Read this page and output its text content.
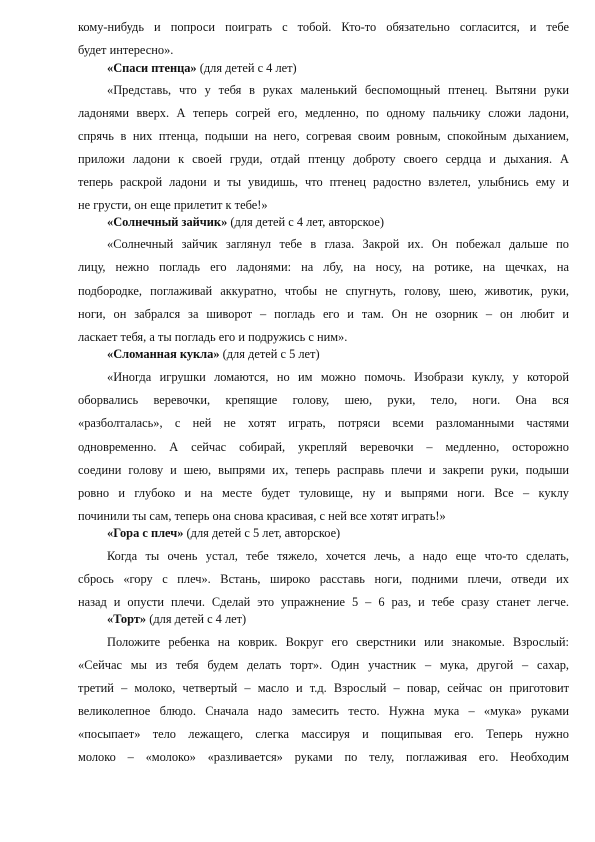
кому-нибудь и попроси поиграть с тобой. Кто-то обязательно согласится, и тебе
будет интересно».
«Спаси птенца» (для детей с 4 лет)
«Представь, что у тебя в руках маленький беспомощный птенец. Вытяни руки
ладонями вверх. А теперь согрей его, медленно, по одному пальчику сложи ладони,
спрячь в них птенца, подыши на него, согревая своим ровным, спокойным дыханием,
приложи ладони к своей груди, отдай птенцу доброту своего сердца и дыхания. А
теперь раскрой ладони и ты увидишь, что птенец радостно взлетел, улыбнись ему и
не грусти, он еще прилетит к тебе!»
«Солнечный зайчик» (для детей с 4 лет, авторское)
«Солнечный зайчик заглянул тебе в глаза. Закрой их. Он побежал дальше по
лицу, нежно погладь его ладонями: на лбу, на носу, на ротике, на щечках, на
подбородке, поглаживай аккуратно, чтобы не спугнуть, голову, шею, животик, руки,
ноги, он забрался за шиворот – погладь его и там. Он не озорник – он любит и
ласкает тебя, а ты погладь его и подружись с ним».
«Сломанная кукла» (для детей с 5 лет)
«Иногда игрушки ломаются, но им можно помочь. Изобрази куклу, у которой
оборвались веревочки, крепящие голову, шею, руки, тело, ноги. Она вся
«разболталась», с ней не хотят играть, потряси всеми разломанными частями
одновременно. А сейчас собирай, укрепляй веревочки – медленно, осторожно
соедини голову и шею, выпрями их, теперь расправь плечи и закрепи руки, подыши
ровно и глубоко и на месте будет туловище, ну и выпрями ноги. Все – куклу
починили ты сам, теперь она снова красивая, с ней все хотят играть!»
«Гора с плеч» (для детей с 5 лет, авторское)
Когда ты очень устал, тебе тяжело, хочется лечь, а надо еще что-то сделать,
сбрось «гору с плеч». Встань, широко расставь ноги, подними плечи, отведи их
назад и опусти плечи. Сделай это упражнение 5 – 6 раз, и тебе сразу станет легче.
«Торт» (для детей с 4 лет)
Положите ребенка на коврик. Вокруг его сверстники или знакомые. Взрослый:
«Сейчас мы из тебя будем делать торт». Один участник – мука, другой – сахар,
третий – молоко, четвертый – масло и т.д. Взрослый – повар, сейчас он приготовит
великолепное блюдо. Сначала надо замесить тесто. Нужна мука – «мука» руками
«посыпает» тело лежащего, слегка массируя и пощипывая его. Теперь нужно
молоко – «молоко» «разливается» руками по телу, поглаживая его. Необходим
